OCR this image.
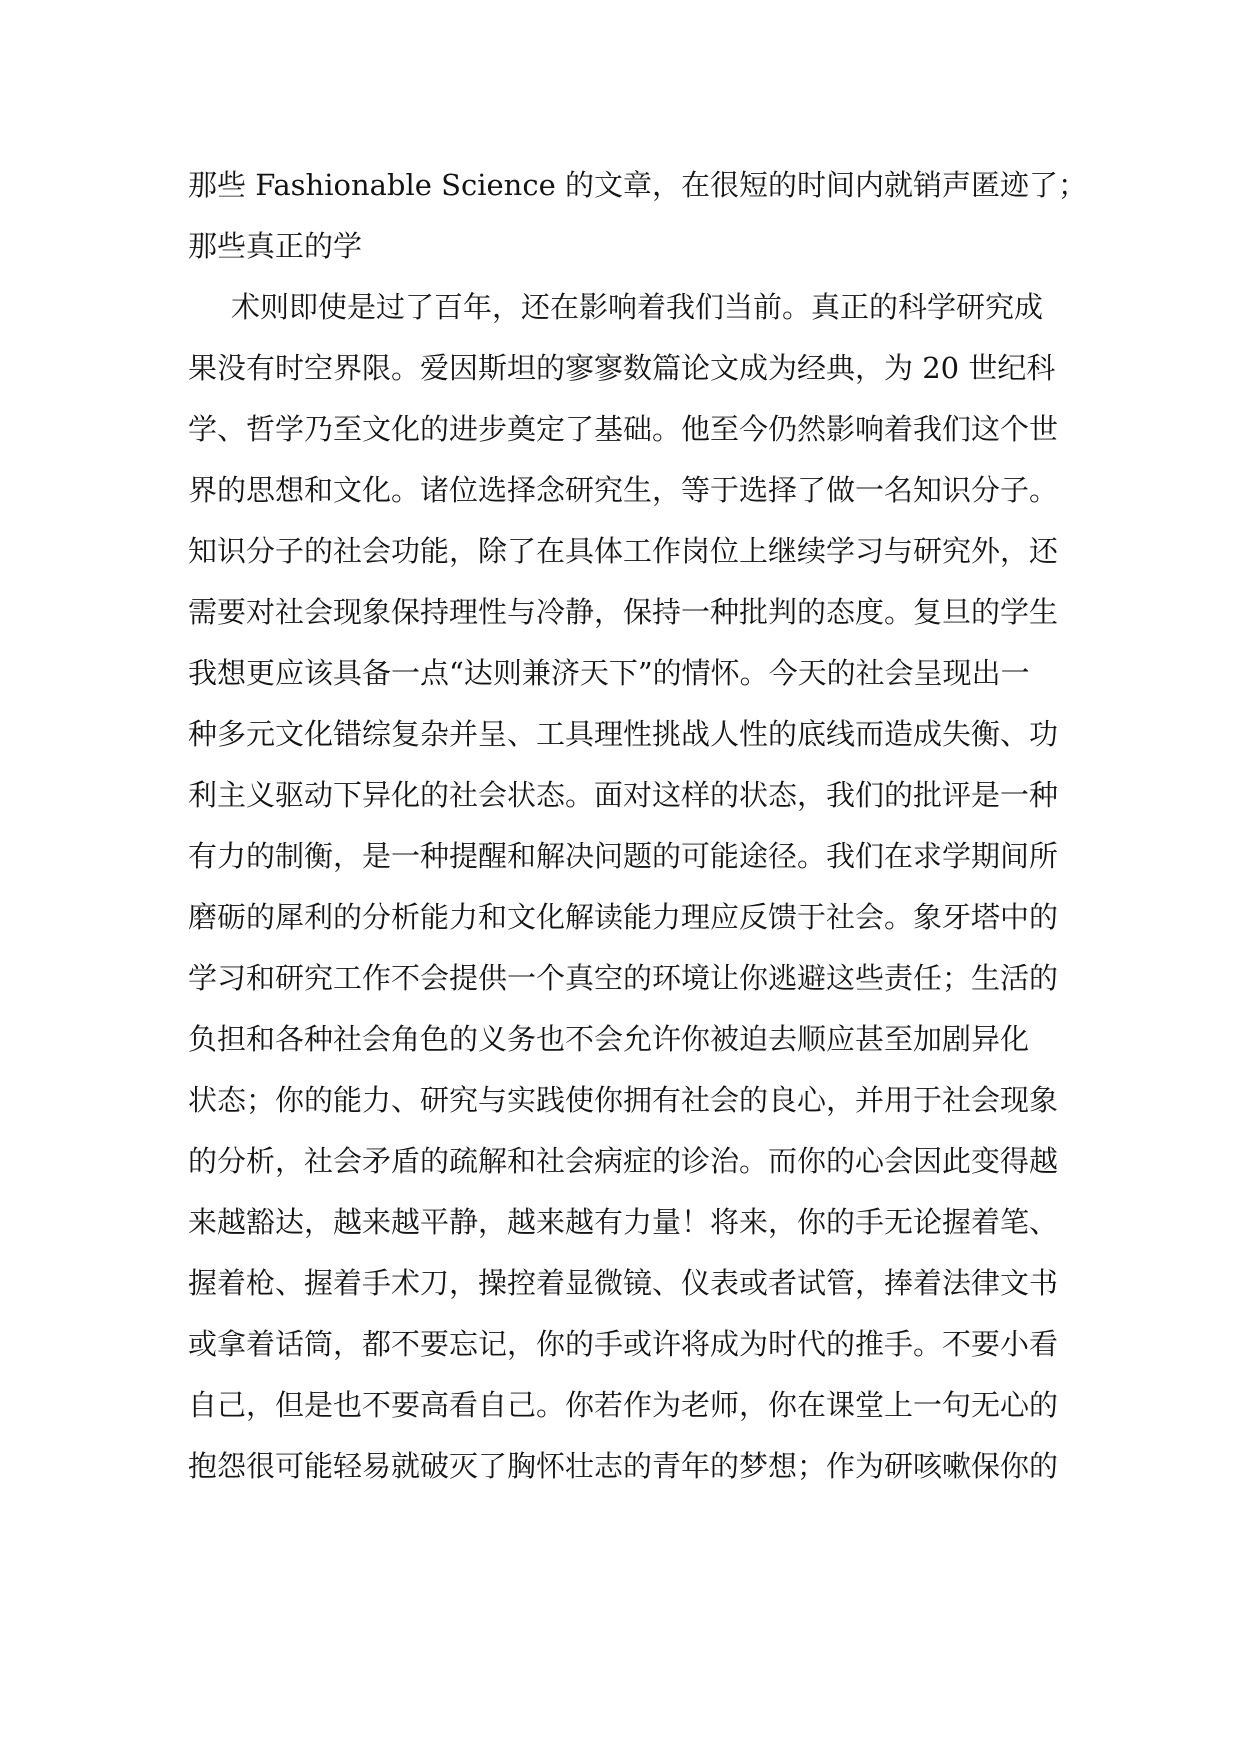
那些 Fashionable Science 的文章，在很短的时间内就销声匿迹了；
那些真正的学
术则即使是过了百年，还在影响着我们当前。真正的科学研究成
果没有时空界限。爱因斯坦的寥寥数篇论文成为经典，为 20 世纪科
学、哲学乃至文化的进步奠定了基础。他至今仍然影响着我们这个世
界的思想和文化。诸位选择念研究生，等于选择了做一名知识分子。
知识分子的社会功能，除了在具体工作岗位上继续学习与研究外，还
需要对社会现象保持理性与冷静，保持一种批判的态度。复旦的学生
我想更应该具备一点“达则兼济天下”的情怀。今天的社会呈现出一
种多元文化错综复杂并呈、工具理性挑战人性的底线而造成失衡、功
利主义驱动下异化的社会状态。面对这样的状态，我们的批评是一种
有力的制衡，是一种提醒和解决问题的可能途径。我们在求学期间所
磨砺的犀利的分析能力和文化解读能力理应反馈于社会。象牙塔中的
学习和研究工作不会提供一个真空的环境让你逃避这些责任；生活的
负担和各种社会角色的义务也不会允许你被迫去顺应甚至加剧异化
状态；你的能力、研究与实践使你拥有社会的良心，并用于社会现象
的分析，社会矛盾的疏解和社会病症的诊治。而你的心会因此变得越
来越豁达，越来越平静，越来越有力量！将来，你的手无论握着笔、
握着枪、握着手术刀，操控着显微镜、仪表或者试管，捧着法律文书
或拿着话筒，都不要忘记，你的手或许将成为时代的推手。不要小看
自己，但是也不要高看自己。你若作为老师，你在课堂上一句无心的
抱怨很可能轻易就破灭了胸怀壮志的青年的梦想；作为研咳嗽保你的
